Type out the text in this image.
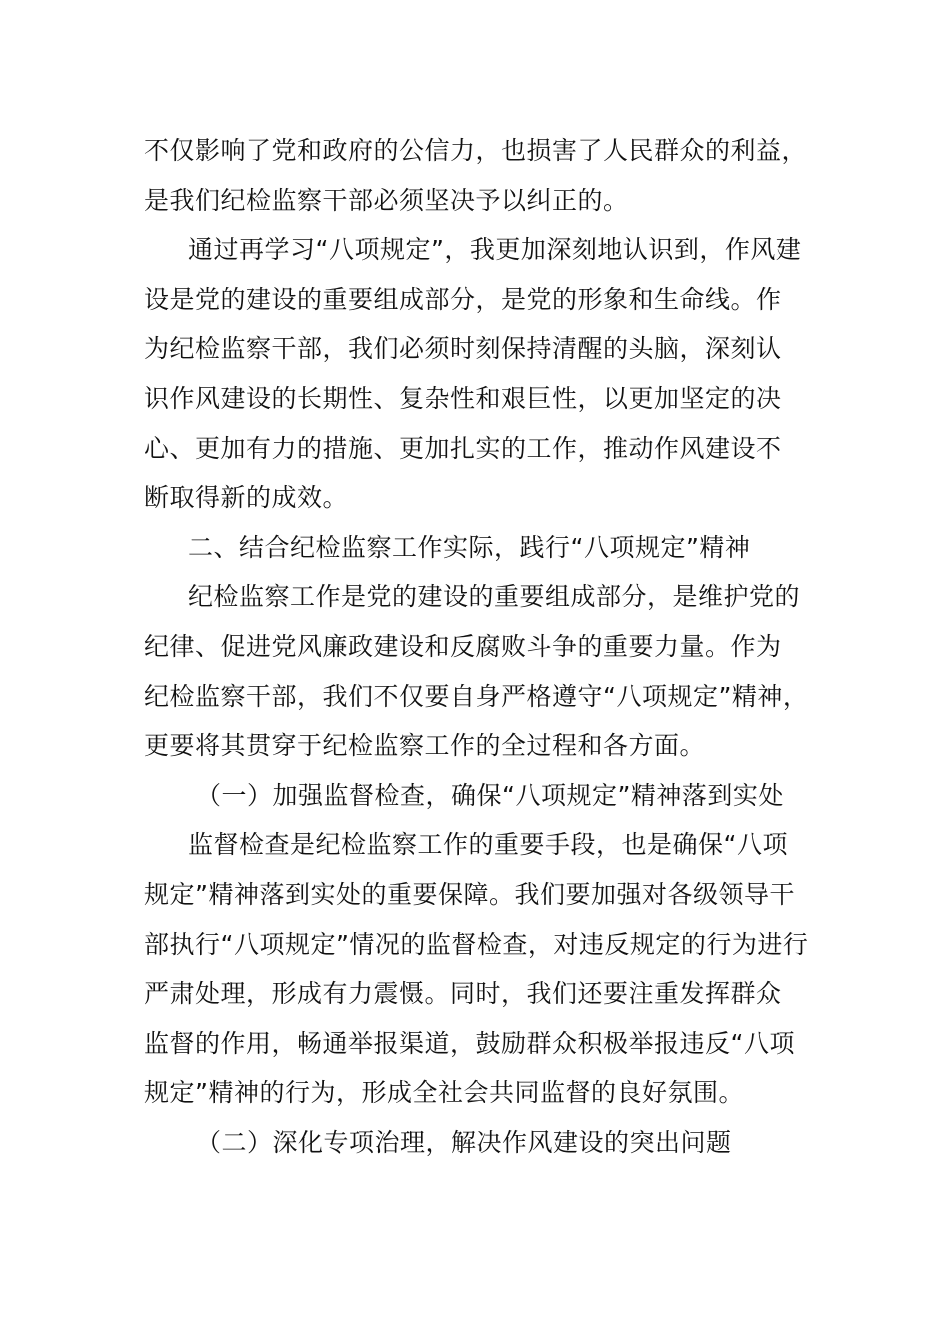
不仅影响了党和政府的公信力，也损害了人民群众的利益，
是我们纪检监察干部必须坚决予以纠正的。
通过再学习“八项规定”，我更加深刻地认识到，作风建
设是党的建设的重要组成部分，是党的形象和生命线。作
为纪检监察干部，我们必须时刻保持清醒的头脑，深刻认
识作风建设的长期性、复杂性和艰巨性，以更加坚定的决
心、更加有力的措施、更加扎实的工作，推动作风建设不
断取得新的成效。
二、结合纪检监察工作实际，践行“八项规定”精神
纪检监察工作是党的建设的重要组成部分，是维护党的
纪律、促进党风廉政建设和反腐败斗争的重要力量。作为
纪检监察干部，我们不仅要自身严格遵守“八项规定”精神，
更要将其贯穿于纪检监察工作的全过程和各方面。
（一）加强监督检查，确保“八项规定”精神落到实处
监督检查是纪检监察工作的重要手段，也是确保“八项
规定”精神落到实处的重要保障。我们要加强对各级领导干
部执行“八项规定”情况的监督检查，对违反规定的行为进行
严肃处理，形成有力震慑。同时，我们还要注重发挥群众
监督的作用，畅通举报渠道，鼓励群众积极举报违反“八项
规定”精神的行为，形成全社会共同监督的良好氛围。
（二）深化专项治理，解决作风建设的突出问题
